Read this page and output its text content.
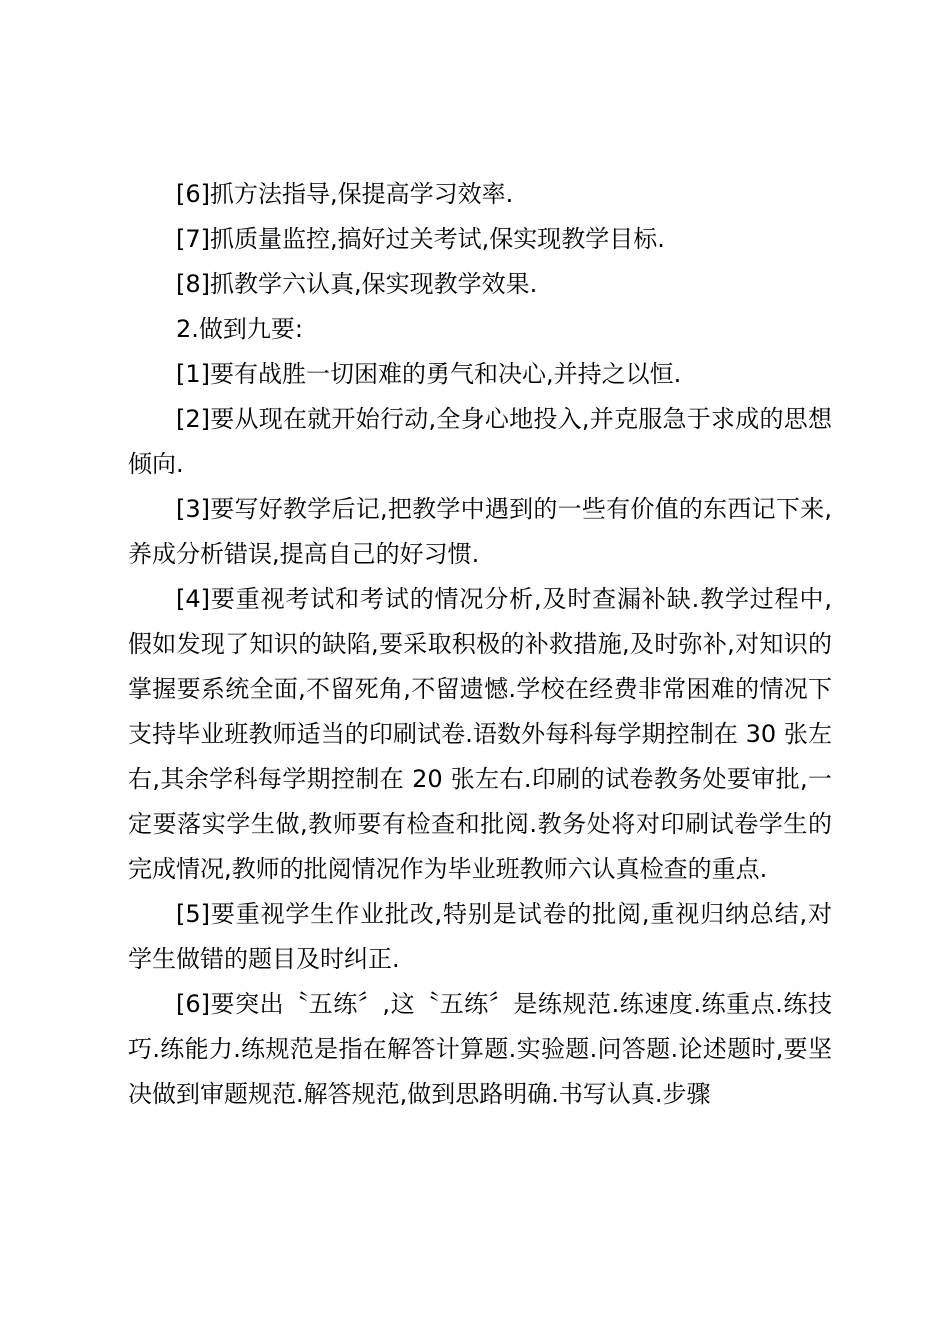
[6]抓方法指导,保提高学习效率.

[7]抓质量监控,搞好过关考试,保实现教学目标.

[8]抓教学六认真,保实现教学效果.

2.做到九要:

[1]要有战胜一切困难的勇气和决心,并持之以恒.

[2]要从现在就开始行动,全身心地投入,并克服急于求成的思想倾向.

[3]要写好教学后记,把教学中遇到的一些有价值的东西记下来,养成分析错误,提高自己的好习惯.

[4]要重视考试和考试的情况分析,及时查漏补缺.教学过程中,假如发现了知识的缺陷,要采取积极的补救措施,及时弥补,对知识的掌握要系统全面,不留死角,不留遗憾.学校在经费非常困难的情况下支持毕业班教师适当的印刷试卷.语数外每科每学期控制在 30 张左右,其余学科每学期控制在 20 张左右.印刷的试卷教务处要审批,一定要落实学生做,教师要有检查和批阅.教务处将对印刷试卷学生的完成情况,教师的批阅情况作为毕业班教师六认真检查的重点.

[5]要重视学生作业批改,特别是试卷的批阅,重视归纳总结,对学生做错的题目及时纠正.

[6]要突出〝五练〞,这〝五练〞是练规范.练速度.练重点.练技巧.练能力.练规范是指在解答计算题.实验题.问答题.论述题时,要坚决做到审题规范.解答规范,做到思路明确.书写认真.步骤
